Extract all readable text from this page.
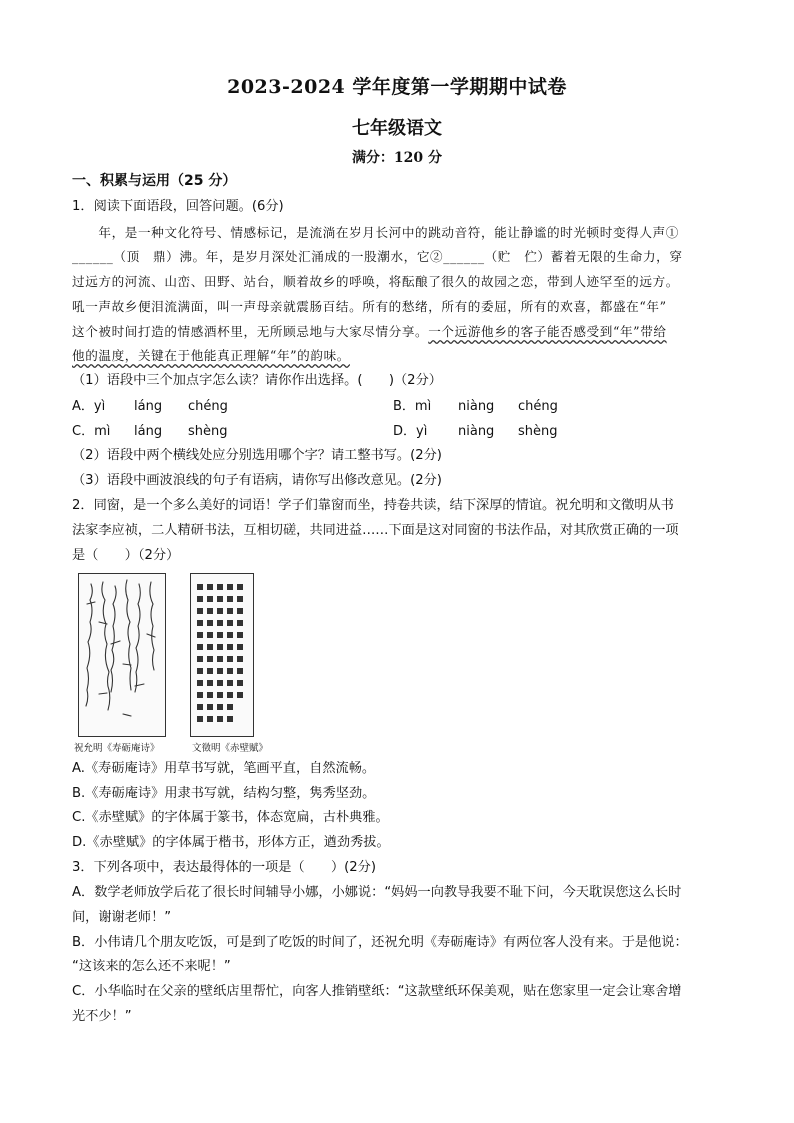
2023-2024 学年度第一学期期中试卷
七年级语文
满分：120 分
一、积累与运用（25 分）
1．阅读下面语段，回答问题。(6分)
　　年，是一种文化符号、情感标记，是流淌在岁月长河中的跳动音符，能让静谧的时光顿时变得人声①
______（顶　鼎）沸。年，是岁月深处汇涌成的一股潮水，它②______（贮　伫）蓄着无限的生命力，穿
过远方的河流、山峦、田野、站台，顺着故乡的呼唤，将酝酿了很久的故园之恋，带到人迹罕至的远方。
吼一声故乡便泪流满面，叫一声母亲就震肠百结。所有的愁绪，所有的委屈，所有的欢喜，都盛在“年”
这个被时间打造的情感酒杯里，无所顾忌地与大家尽情分享。一个远游他乡的客子能否感受到“年”带给
他的温度，关键在于他能真正理解“年”的韵味。
（1）语段中三个加点字怎么读？请你作出选择。(　　)（2分）
A．yì láng chéng	B．mì niàng chéng
C．mì láng shèng	D．yì niàng shèng
（2）语段中两个横线处应分别选用哪个字？请工整书写。(2分)
（3）语段中画波浪线的句子有语病，请你写出修改意见。(2分)
2．同窗，是一个多么美好的词语！学子们靠窗而坐，持卷共读，结下深厚的情谊。祝允明和文徵明从书
法家李应祯，二人精研书法，互相切磋，共同进益……下面是这对同窗的书法作品，对其欣赏正确的一项
是（　　）（2分）
祝允明《寿砺庵诗》	文徵明《赤壁赋》
A.《寿砺庵诗》用草书写就，笔画平直，自然流畅。
B.《寿砺庵诗》用隶书写就，结构匀整，隽秀坚劲。
C.《赤壁赋》的字体属于篆书，体态宽扁，古朴典雅。
D.《赤壁赋》的字体属于楷书，形体方正，遒劲秀拔。
3．下列各项中，表达最得体的一项是（　　）(2分)
A．数学老师放学后花了很长时间辅导小娜，小娜说：“妈妈一向教导我要不耻下问，今天耽误您这么长时
间，谢谢老师！”
B．小伟请几个朋友吃饭，可是到了吃饭的时间了，还祝允明《寿砺庵诗》有两位客人没有来。于是他说：
“这该来的怎么还不来呢！”
C．小华临时在父亲的壁纸店里帮忙，向客人推销壁纸：“这款壁纸环保美观，贴在您家里一定会让寒舍增
光不少！”
